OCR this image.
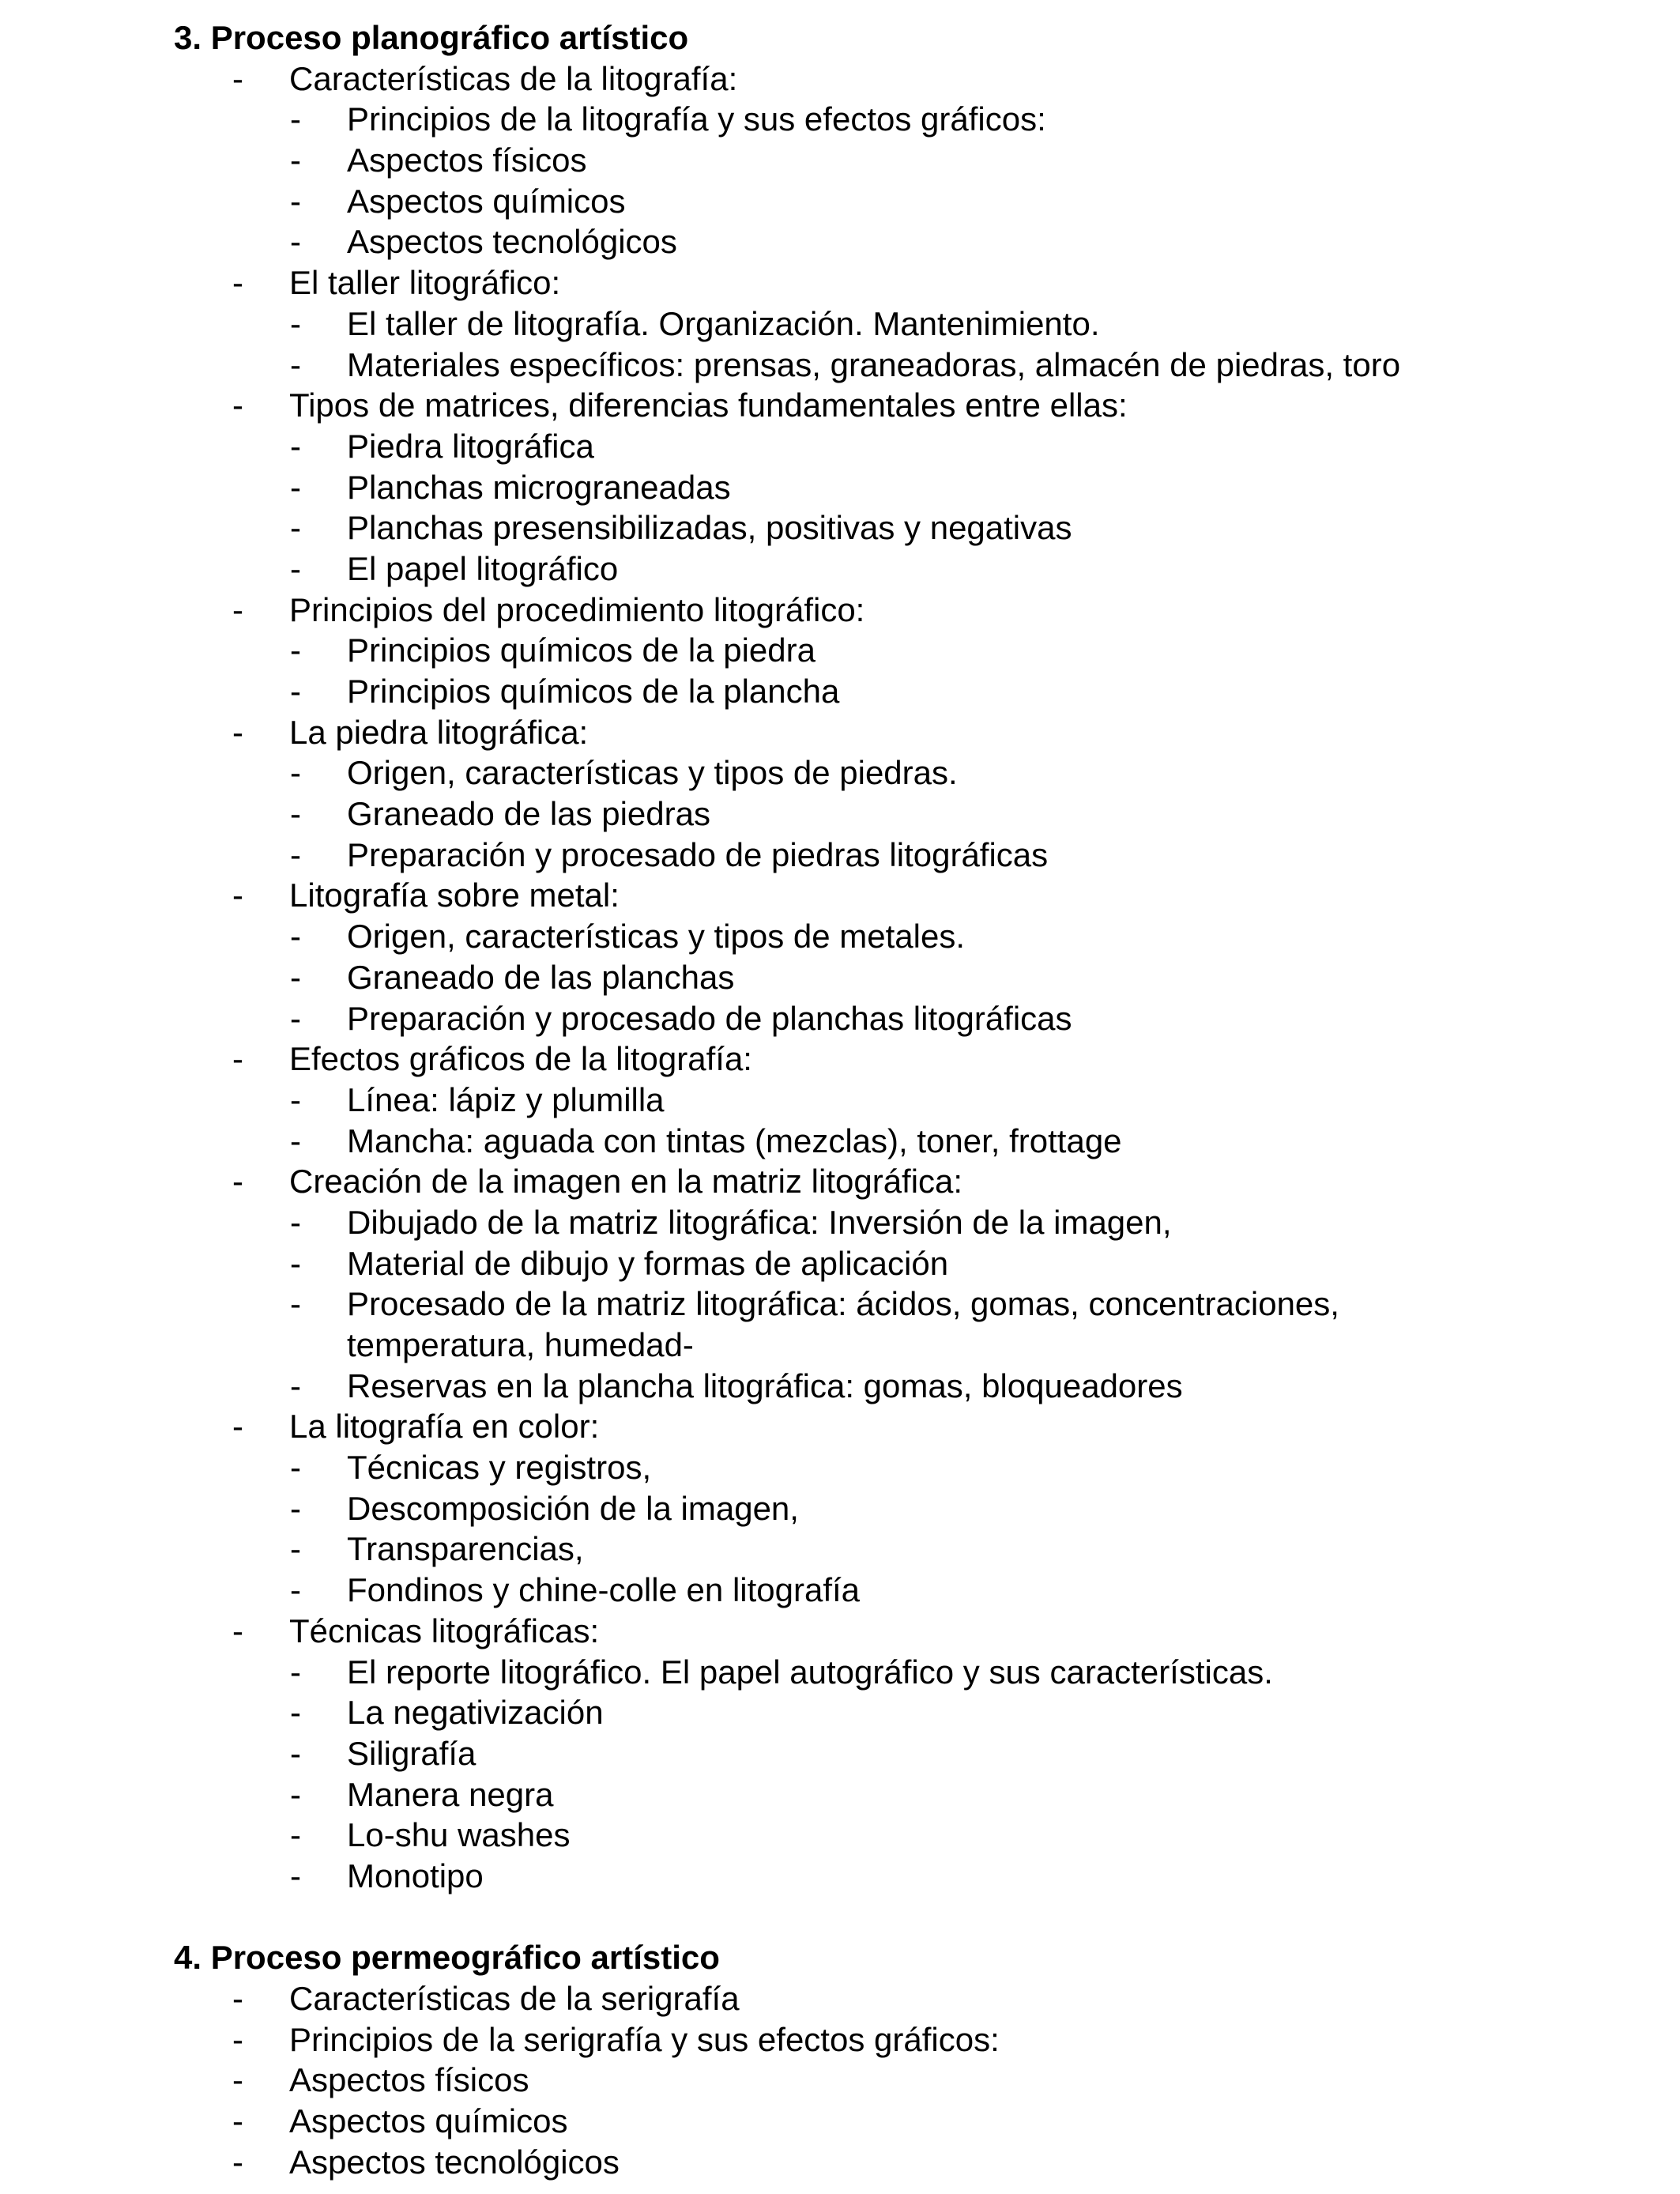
3. Proceso planográfico artístico
- Características de la litografía:
- Principios de la litografía y sus efectos gráficos:
- Aspectos físicos
- Aspectos químicos
- Aspectos tecnológicos
- El taller litográfico:
- El taller de litografía. Organización. Mantenimiento.
- Materiales específicos: prensas, graneadoras, almacén de piedras, toro
- Tipos de matrices, diferencias fundamentales entre ellas:
- Piedra litográfica
- Planchas micrograneadas
- Planchas presensibilizadas, positivas y negativas
- El papel litográfico
- Principios del procedimiento litográfico:
- Principios químicos de la piedra
- Principios químicos de la plancha
- La piedra litográfica:
- Origen, características y tipos de piedras.
- Graneado de las piedras
- Preparación y procesado de piedras litográficas
- Litografía sobre metal:
- Origen, características y tipos de metales.
- Graneado de las planchas
- Preparación y procesado de planchas litográficas
- Efectos gráficos de la litografía:
- Línea: lápiz y plumilla
- Mancha: aguada con tintas (mezclas), toner, frottage
- Creación de la imagen en la matriz litográfica:
- Dibujado de la matriz litográfica: Inversión de la imagen,
- Material de dibujo y formas de aplicación
- Procesado de la matriz litográfica: ácidos, gomas, concentraciones,
temperatura, humedad-
- Reservas en la plancha litográfica: gomas, bloqueadores
- La litografía en color:
- Técnicas y registros,
- Descomposición de la imagen,
- Transparencias,
- Fondinos y chine-colle en litografía
- Técnicas litográficas:
- El reporte litográfico. El papel autográfico y sus características.
- La negativización
- Siligrafía
- Manera negra
- Lo-shu washes
- Monotipo
4. Proceso permeográfico artístico
- Características de la serigrafía
- Principios de la serigrafía y sus efectos gráficos:
- Aspectos físicos
- Aspectos químicos
- Aspectos tecnológicos
